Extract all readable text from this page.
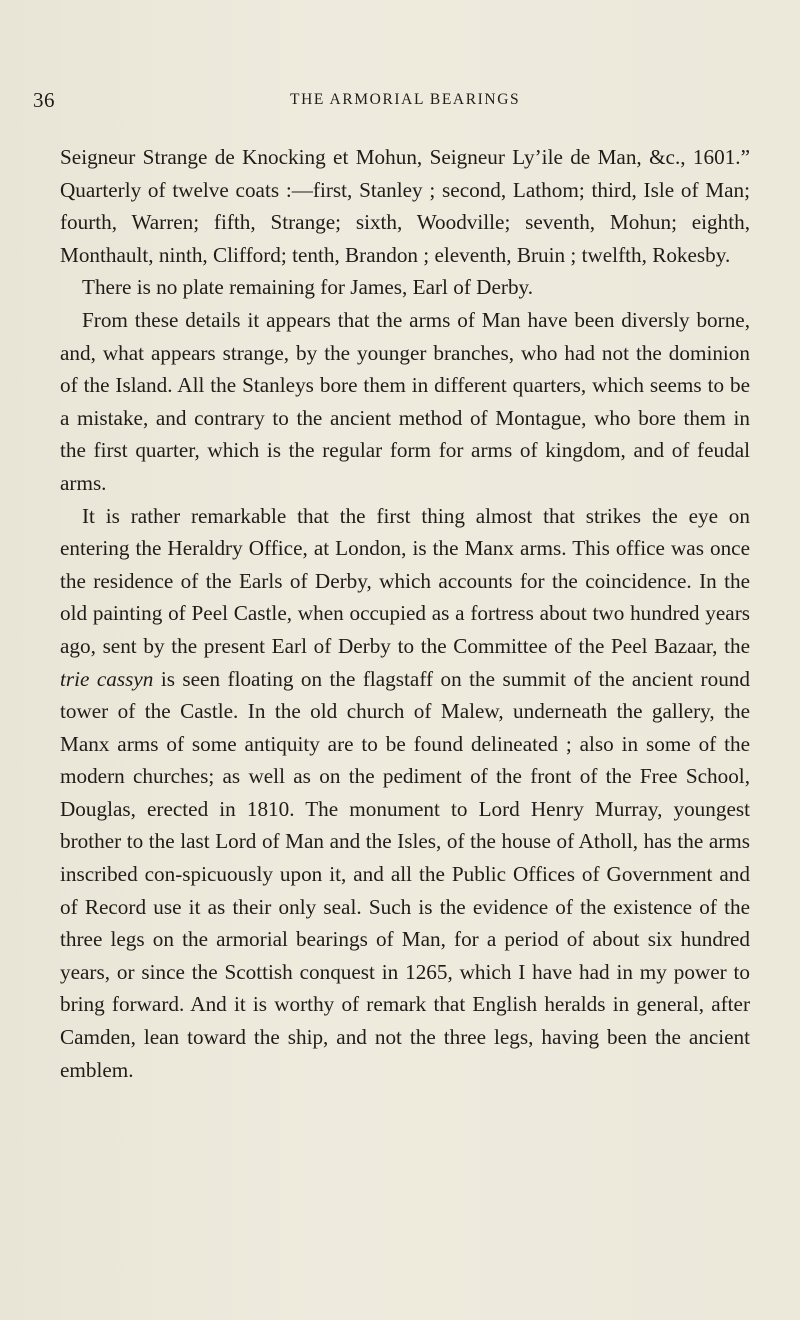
36	THE ARMORIAL BEARINGS

Seigneur Strange de Knocking et Mohun, Seigneur Ly’ile de Man, &c., 1601.” Quarterly of twelve coats :—first, Stanley ; second, Lathom; third, Isle of Man; fourth, Warren; fifth, Strange; sixth, Woodville; seventh, Mohun; eighth, Monthault, ninth, Clifford; tenth, Brandon ; eleventh, Bruin ; twelfth, Rokesby.

There is no plate remaining for James, Earl of Derby.

From these details it appears that the arms of Man have been diversly borne, and, what appears strange, by the younger branches, who had not the dominion of the Island. All the Stanleys bore them in different quarters, which seems to be a mistake, and contrary to the ancient method of Montague, who bore them in the first quarter, which is the regular form for arms of kingdom, and of feudal arms.

It is rather remarkable that the first thing almost that strikes the eye on entering the Heraldry Office, at London, is the Manx arms. This office was once the residence of the Earls of Derby, which accounts for the coincidence. In the old painting of Peel Castle, when occupied as a fortress about two hundred years ago, sent by the present Earl of Derby to the Committee of the Peel Bazaar, the trie cassyn is seen floating on the flagstaff on the summit of the ancient round tower of the Castle. In the old church of Malew, underneath the gallery, the Manx arms of some antiquity are to be found delineated ; also in some of the modern churches; as well as on the pediment of the front of the Free School, Douglas, erected in 1810. The monument to Lord Henry Murray, youngest brother to the last Lord of Man and the Isles, of the house of Atholl, has the arms inscribed con-spicuously upon it, and all the Public Offices of Government and of Record use it as their only seal. Such is the evidence of the existence of the three legs on the armorial bearings of Man, for a period of about six hundred years, or since the Scottish conquest in 1265, which I have had in my power to bring forward. And it is worthy of remark that English heralds in general, after Camden, lean toward the ship, and not the three legs, having been the ancient emblem.
